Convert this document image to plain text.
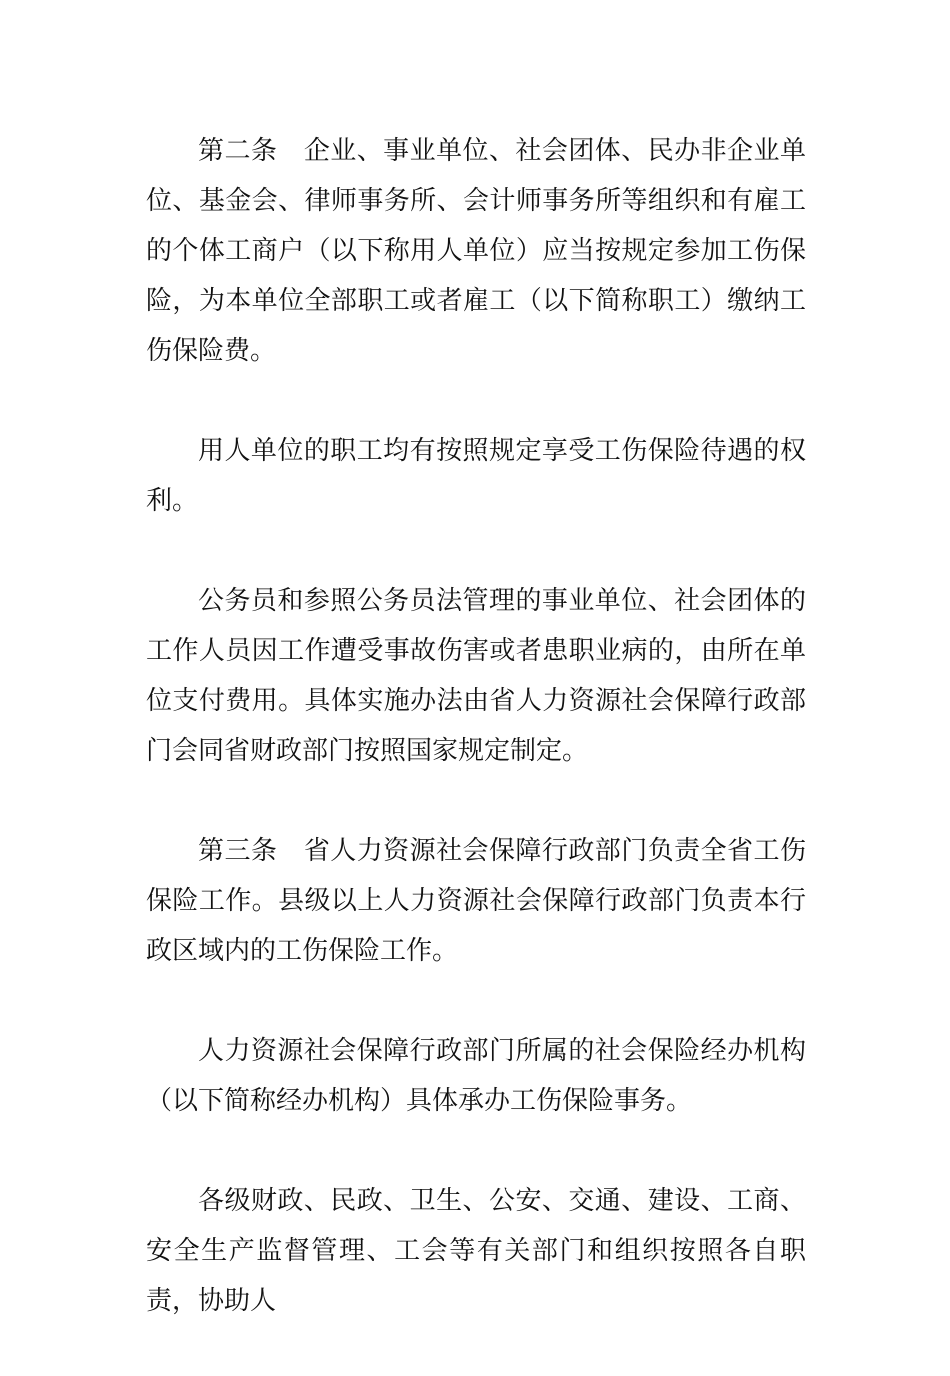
第二条　 企业、事业单位、社会团体、民办非企业单位、基金会、律师事务所、会计师事务所等组织和有雇工的个体工商户（以下称用人单位）应当按规定参加工伤保险，为本单位全部职工或者雇工（以下简称职工）缴纳工伤保险费。

用人单位的职工均有按照规定享受工伤保险待遇的权利。

公务员和参照公务员法管理的事业单位、社会团体的工作人员因工作遭受事故伤害或者患职业病的，由所在单位支付费用。具体实施办法由省人力资源社会保障行政部门会同省财政部门按照国家规定制定。

第三条　 省人力资源社会保障行政部门负责全省工伤保险工作。县级以上人力资源社会保障行政部门负责本行政区域内的工伤保险工作。

人力资源社会保障行政部门所属的社会保险经办机构（以下简称经办机构）具体承办工伤保险事务。

各级财政、民政、卫生、公安、交通、建设、工商、安全生产监督管理、工会等有关部门和组织按照各自职责，协助人
